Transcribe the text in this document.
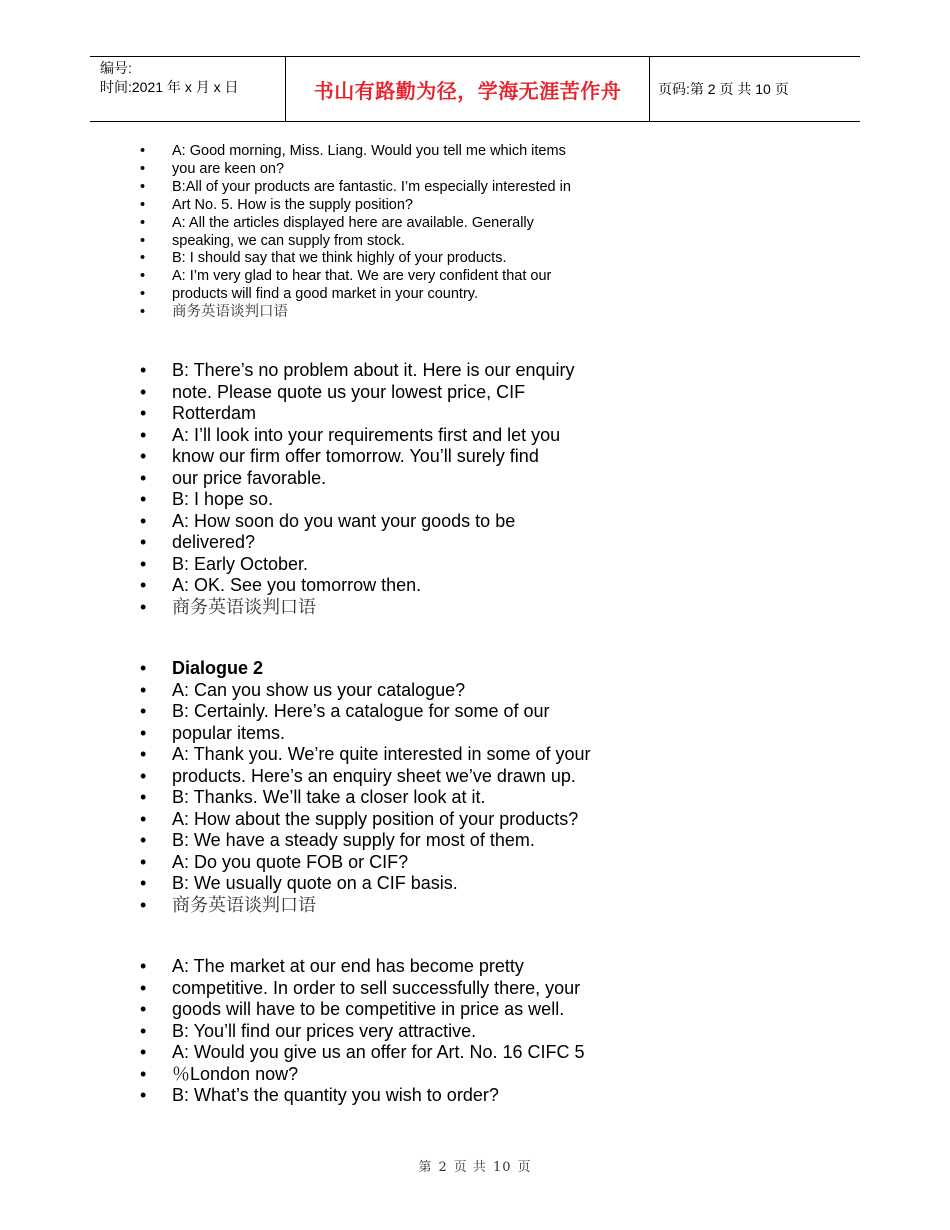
编号:
时间:2021 年 x 月 x 日	书山有路勤为径，学海无涯苦作舟	页码: 第 2 页 共 10 页
•	A: Good morning, Miss. Liang. Would you tell me which items
•	you are keen on?
•	B:All of your products are fantastic. I’m especially interested in
•	Art No. 5. How is the supply position?
•	A: All the articles displayed here are available. Generally
•	speaking, we can supply from stock.
•	B: I should say that we think highly of your products.
•	A: I’m very glad to hear that. We are very confident that our
•	products will find a good market in your country.
•	商务英语谈判口语
•	B: There’s no problem about it. Here is our enquiry
•	note. Please quote us your lowest price, CIF
•	Rotterdam
•	A: I’ll look into your requirements first and let you
•	know our firm offer tomorrow. You’ll surely find
•	our price favorable.
•	B: I hope so.
•	A: How soon do you want your goods to be
•	delivered?
•	B: Early October.
•	A: OK. See you tomorrow then.
•	商务英语谈判口语
•	Dialogue 2
•	A: Can you show us your catalogue?
•	B: Certainly. Here’s a catalogue for some of our
•	popular items.
•	A: Thank you. We’re quite interested in some of your
•	products. Here’s an enquiry sheet we’ve drawn up.
•	B: Thanks. We’ll take a closer look at it.
•	A: How about the supply position of your products?
•	B: We have a steady supply for most of them.
•	A: Do you quote FOB or CIF?
•	B: We usually quote on a CIF basis.
•	商务英语谈判口语
•	A: The market at our end has become pretty
•	competitive. In order to sell successfully there, your
•	goods will have to be competitive in price as well.
•	B: You’ll find our prices very attractive.
•	A: Would you give us an offer for Art. No. 16 CIFC 5
•	％London now?
•	B: What’s the quantity you wish to order?
第 2 页 共 10 页
